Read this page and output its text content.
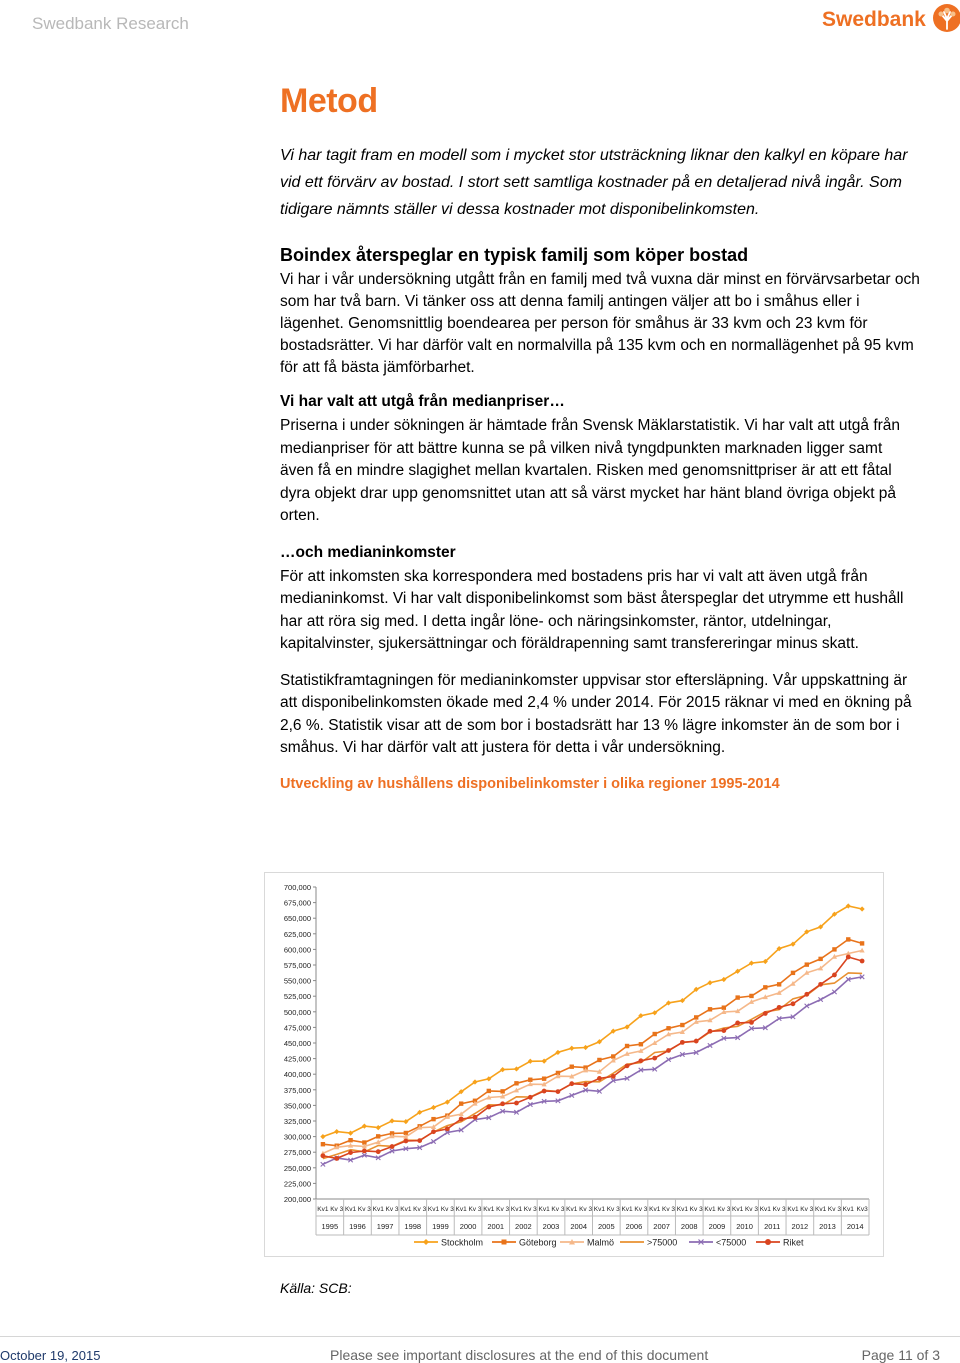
Swedbank Research	Swedbank
Metod

Vi har tagit fram en modell som i mycket stor utsträckning liknar den kalkyl en köpare har vid ett förvärv av bostad. I stort sett samtliga kostnader på en detaljerad nivå ingår. Som tidigare nämnts ställer vi dessa kostnader mot disponibelinkomsten.

Boindex återspeglar en typisk familj som köper bostad

Vi har i vår undersökning utgått från en familj med två vuxna där minst en förvärvsarbetar och som har två barn. Vi tänker oss att denna familj antingen väljer att bo i småhus eller i lägenhet. Genomsnittlig boendearea per person för småhus är 33 kvm och 23 kvm för bostadsrätter. Vi har därför valt en normalvilla på 135 kvm och en normallägenhet på 95 kvm för att få bästa jämförbarhet.

Vi har valt att utgå från medianpriser…

Priserna i under sökningen är hämtade från Svensk Mäklarstatistik. Vi har valt att utgå från medianpriser för att bättre kunna se på vilken nivå tyngdpunkten marknaden ligger samt även få en mindre slagighet mellan kvartalen. Risken med genomsnittpriser är att ett fåtal dyra objekt drar upp genomsnittet utan att så värst mycket har hänt bland övriga objekt på orten.

…och medianinkomster

För att inkomsten ska korrespondera med bostadens pris har vi valt att även utgå från medianinkomst. Vi har valt disponibelinkomst som bäst återspeglar det utrymme ett hushåll har att röra sig med. I detta ingår löne- och näringsinkomster, räntor, utdelningar, kapitalvinster, sjukersättningar och föräldrapenning samt transfereringar minus skatt.

Statistikframtagningen för medianinkomster uppvisar stor eftersläpning. Vår uppskattning är att disponibelinkomsten ökade med 2,4 % under 2014. För 2015 räknar vi med en ökning på 2,6 %. Statistik visar att de som bor i bostadsrätt har 13 % lägre inkomster än de som bor i småhus. Vi har därför valt att justera för detta i vår undersökning.

Utveckling av hushållens disponibelinkomster i olika regioner 1995-2014

200,000
225,000
250,000
275,000
300,000
325,000
350,000
375,000
400,000
425,000
450,000
475,000
500,000
525,000
550,000
575,000
600,000
625,000
650,000
675,000
700,000
Kv1 Kv 3 Kv1 Kv 3 Kv1 Kv 3 Kv1 Kv 3 Kv1 Kv 3 Kv1 Kv 3 Kv1 Kv 3 Kv1 Kv 3 Kv1 Kv 3 Kv1 Kv 3 Kv1 Kv 3 Kv1 Kv 3 Kv1 Kv 3 Kv1 Kv 3 Kv1 Kv 3 Kv1 Kv 3 Kv1 Kv 3 Kv1 Kv 3 Kv1 Kv 3 Kv1 Kv3
1995 1996 1997 1998 1999 2000 2001 2002 2003 2004 2005 2006 2007 2008 2009 2010 2011 2012 2013 2014
Stockholm	Göteborg	Malmö	>75000	<75000	Riket
Källa: SCB:
October 19, 2015	Please see important disclosures at the end of this document	Page 11 of 3
